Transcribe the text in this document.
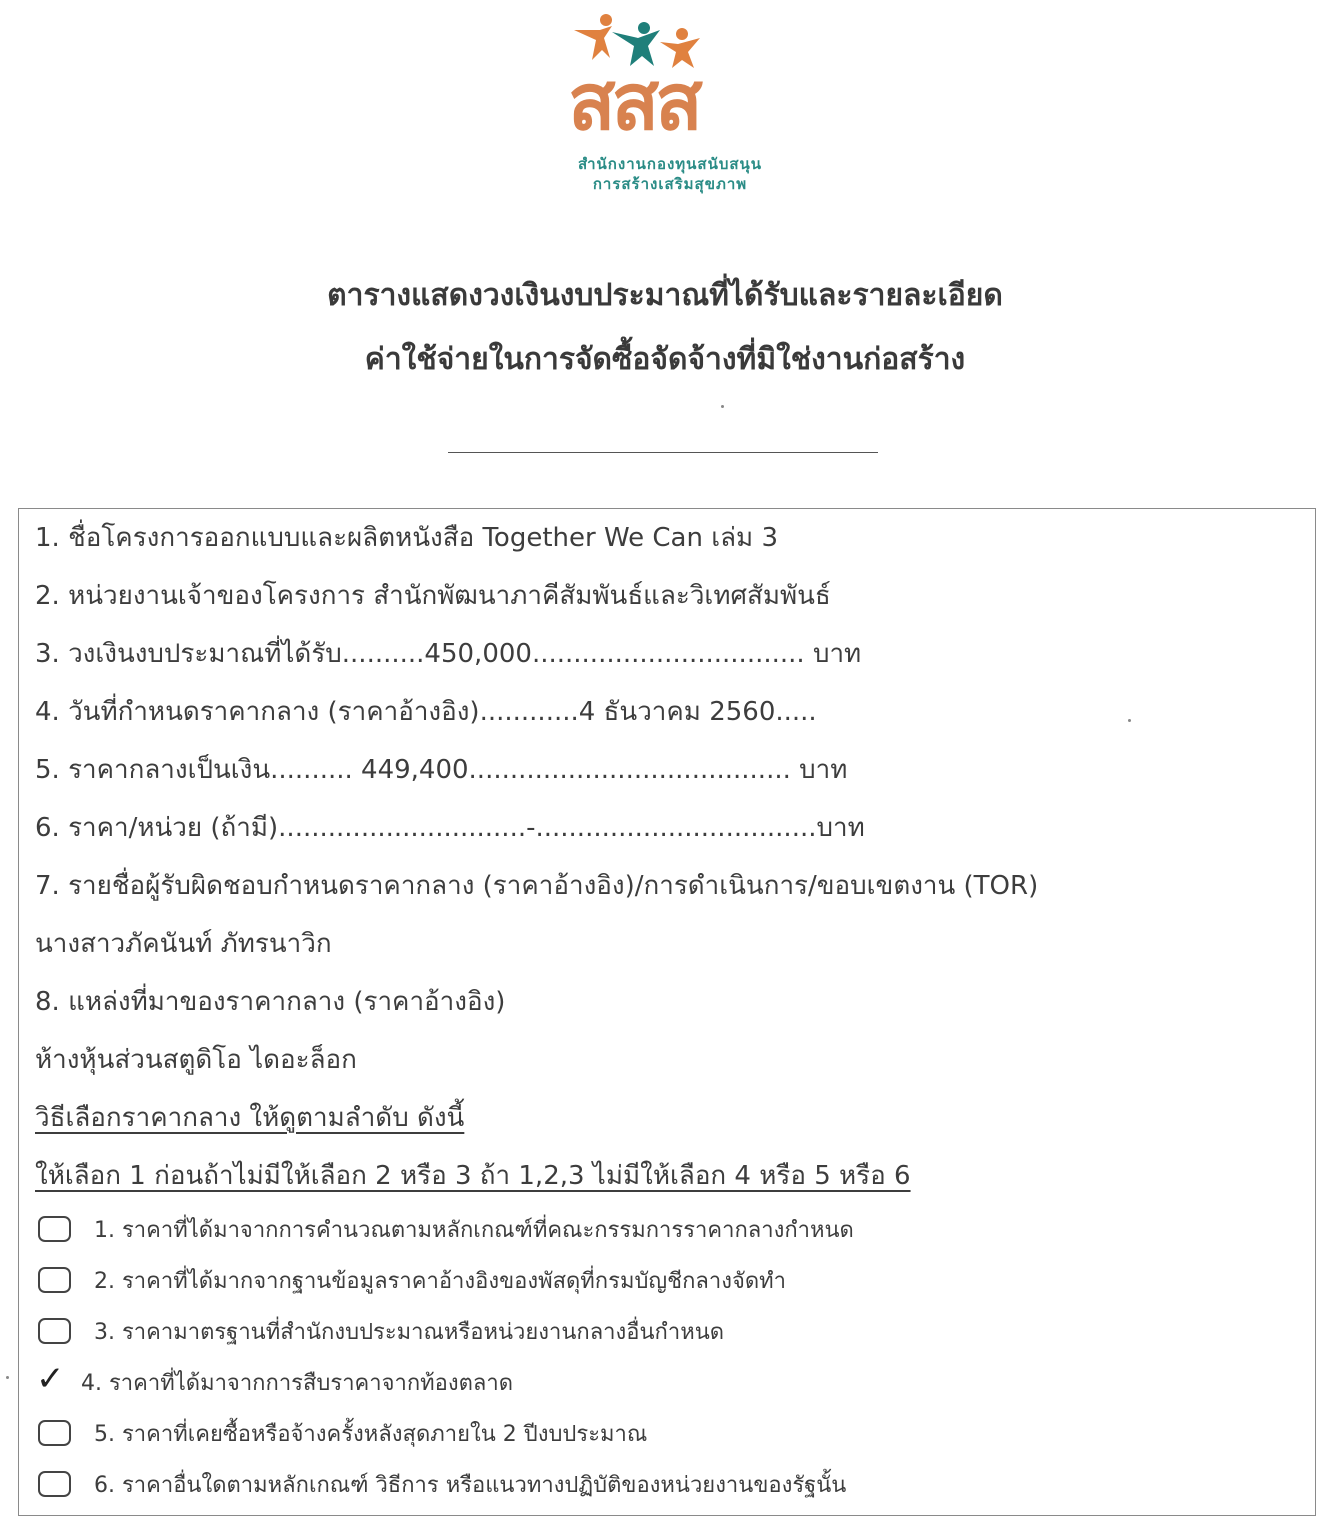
สสส
สำนักงานกองทุนสนับสนุน
การสร้างเสริมสุขภาพ
ตารางแสดงวงเงินงบประมาณที่ได้รับและรายละเอียด
ค่าใช้จ่ายในการจัดซื้อจัดจ้างที่มิใช่งานก่อสร้าง
1. ชื่อโครงการออกแบบและผลิตหนังสือ Together We Can เล่ม 3
2. หน่วยงานเจ้าของโครงการ สำนักพัฒนาภาคีสัมพันธ์และวิเทศสัมพันธ์
3. วงเงินงบประมาณที่ได้รับ..........450,000................................. บาท
4. วันที่กำหนดราคากลาง (ราคาอ้างอิง)............4 ธันวาคม 2560.....
5. ราคากลางเป็นเงิน.......... 449,400....................................... บาท
6. ราคา/หน่วย (ถ้ามี)..............................-..................................บาท
7. รายชื่อผู้รับผิดชอบกำหนดราคากลาง (ราคาอ้างอิง)/การดำเนินการ/ขอบเขตงาน (TOR)
นางสาวภัคนันท์ ภัทรนาวิก
8. แหล่งที่มาของราคากลาง (ราคาอ้างอิง)
ห้างหุ้นส่วนสตูดิโอ ไดอะล็อก
วิธีเลือกราคากลาง ให้ดูตามลำดับ ดังนี้
ให้เลือก 1 ก่อนถ้าไม่มีให้เลือก 2 หรือ 3 ถ้า 1,2,3 ไม่มีให้เลือก 4 หรือ 5 หรือ 6
1. ราคาที่ได้มาจากการคำนวณตามหลักเกณฑ์ที่คณะกรรมการราคากลางกำหนด
2. ราคาที่ได้มากจากฐานข้อมูลราคาอ้างอิงของพัสดุที่กรมบัญชีกลางจัดทำ
3. ราคามาตรฐานที่สำนักงบประมาณหรือหน่วยงานกลางอื่นกำหนด
✓ 4. ราคาที่ได้มาจากการสืบราคาจากท้องตลาด
5. ราคาที่เคยซื้อหรือจ้างครั้งหลังสุดภายใน 2 ปีงบประมาณ
6. ราคาอื่นใดตามหลักเกณฑ์ วิธีการ หรือแนวทางปฏิบัติของหน่วยงานของรัฐนั้น
